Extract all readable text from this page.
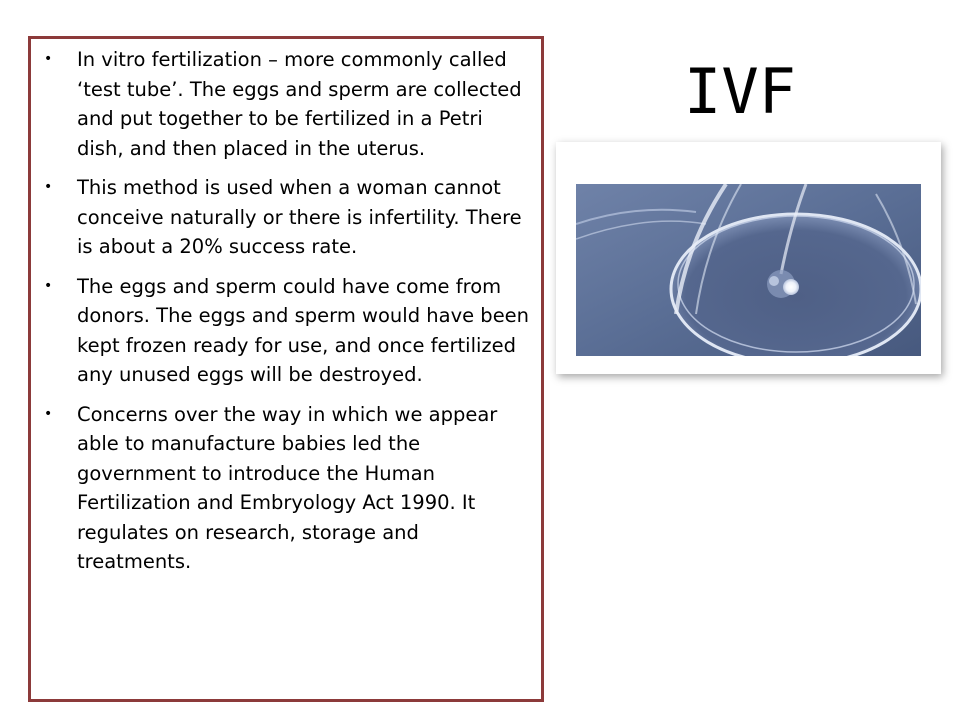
• In vitro fertilization – more commonly called ‘test tube’. The eggs and sperm are collected and put together to be fertilized in a Petri dish, and then placed in the uterus.
• This method is used when a woman cannot conceive naturally or there is infertility. There is about a 20% success rate.
• The eggs and sperm could have come from donors. The eggs and sperm would have been kept frozen ready for use, and once fertilized any unused eggs will be destroyed.
• Concerns over the way in which we appear able to manufacture babies led the government to introduce the Human Fertilization and Embryology Act 1990. It regulates on research, storage and treatments.
IVF
